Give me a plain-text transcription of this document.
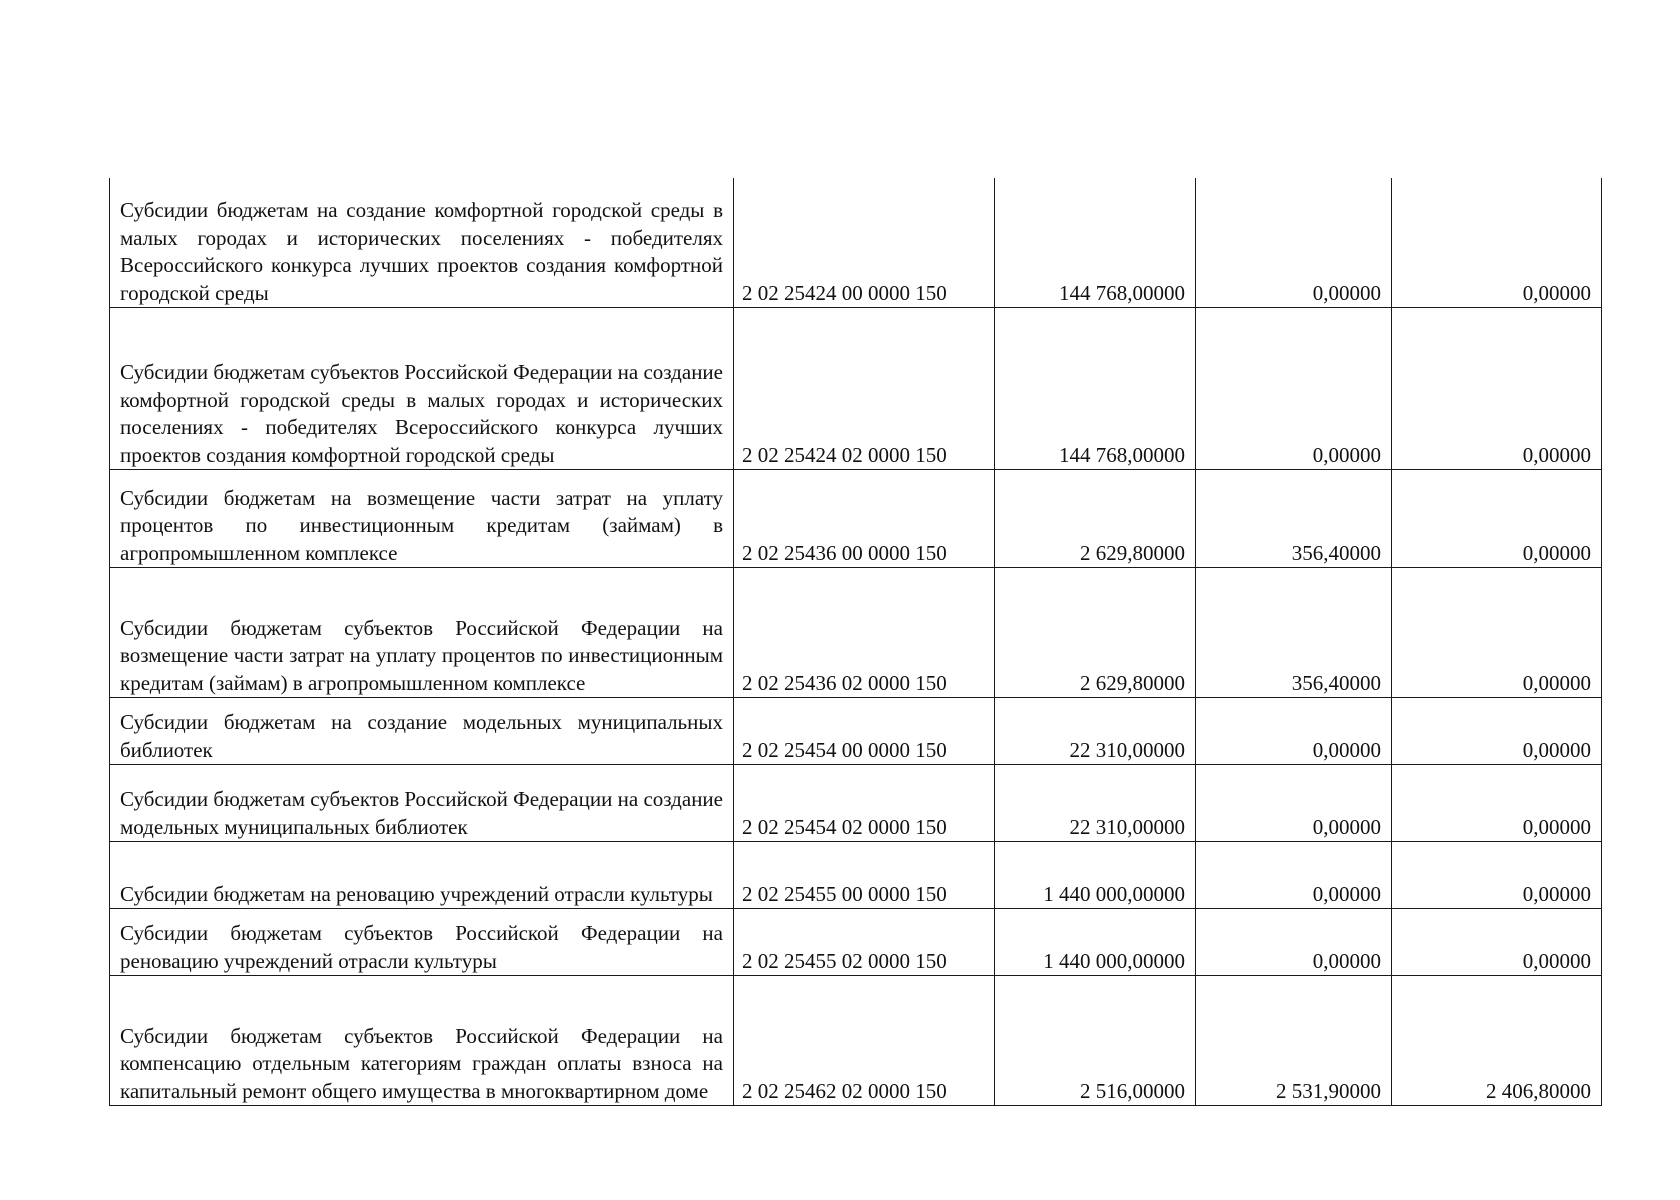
Субсидии бюджетам на создание комфортной городской среды в малых городах и исторических поселениях - победителях Всероссийского конкурса лучших проектов создания комфортной городской среды	2 02 25424 00 0000 150	144 768,00000	0,00000	0,00000

Субсидии бюджетам субъектов Российской Федерации на создание комфортной городской среды в малых городах и исторических поселениях - победителях Всероссийского конкурса лучших проектов создания комфортной городской среды	2 02 25424 02 0000 150	144 768,00000	0,00000	0,00000

Субсидии бюджетам на возмещение части затрат на уплату процентов по инвестиционным кредитам (займам) в агропромышленном комплексе	2 02 25436 00 0000 150	2 629,80000	356,40000	0,00000

Субсидии бюджетам субъектов Российской Федерации на возмещение части затрат на уплату процентов по инвестиционным кредитам (займам) в агропромышленном комплексе	2 02 25436 02 0000 150	2 629,80000	356,40000	0,00000

Субсидии бюджетам на создание модельных муниципальных библиотек	2 02 25454 00 0000 150	22 310,00000	0,00000	0,00000

Субсидии бюджетам субъектов Российской Федерации на создание модельных муниципальных библиотек	2 02 25454 02 0000 150	22 310,00000	0,00000	0,00000

Субсидии бюджетам на реновацию учреждений отрасли культуры	2 02 25455 00 0000 150	1 440 000,00000	0,00000	0,00000

Субсидии бюджетам субъектов Российской Федерации на реновацию учреждений отрасли культуры	2 02 25455 02 0000 150	1 440 000,00000	0,00000	0,00000

Субсидии бюджетам субъектов Российской Федерации на компенсацию отдельным категориям граждан оплаты взноса на капитальный ремонт общего имущества в многоквартирном доме	2 02 25462 02 0000 150	2 516,00000	2 531,90000	2 406,80000
